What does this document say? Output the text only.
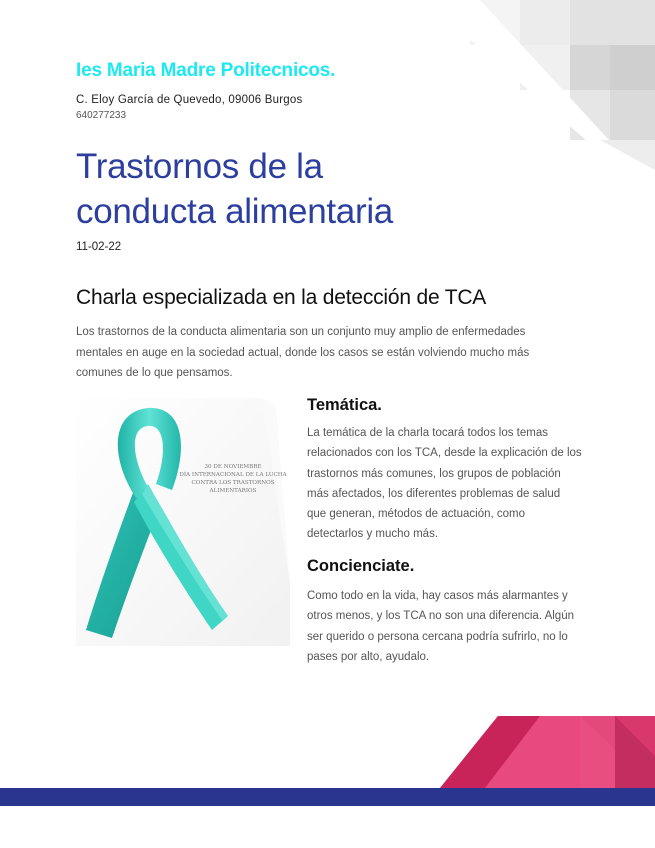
Ies Maria Madre Politecnicos.
C. Eloy García de Quevedo, 09006 Burgos
640277233
Trastornos de la
conducta alimentaria
11-02-22
Charla especializada en la detección de TCA
Los trastornos de la conducta alimentaria son un conjunto muy amplio de enfermedades mentales en auge en la sociedad actual, donde los casos se están volviendo mucho más comunes de lo que pensamos.
30 DE NOVIEMBRE
DÍA INTERNACIONAL DE LA LUCHA
CONTRA LOS TRASTORNOS
ALIMENTARIOS
Temática.
La temática de la charla tocará todos los temas relacionados con los TCA, desde la explicación de los trastornos más comunes, los grupos de población más afectados, los diferentes problemas de salud que generan, métodos de actuación, como detectarlos y mucho más.
Concienciate.
Como todo en la vida, hay casos más alarmantes y otros menos, y los TCA no son una diferencia. Algún ser querido o persona cercana podría sufrirlo, no lo pases por alto, ayudalo.
